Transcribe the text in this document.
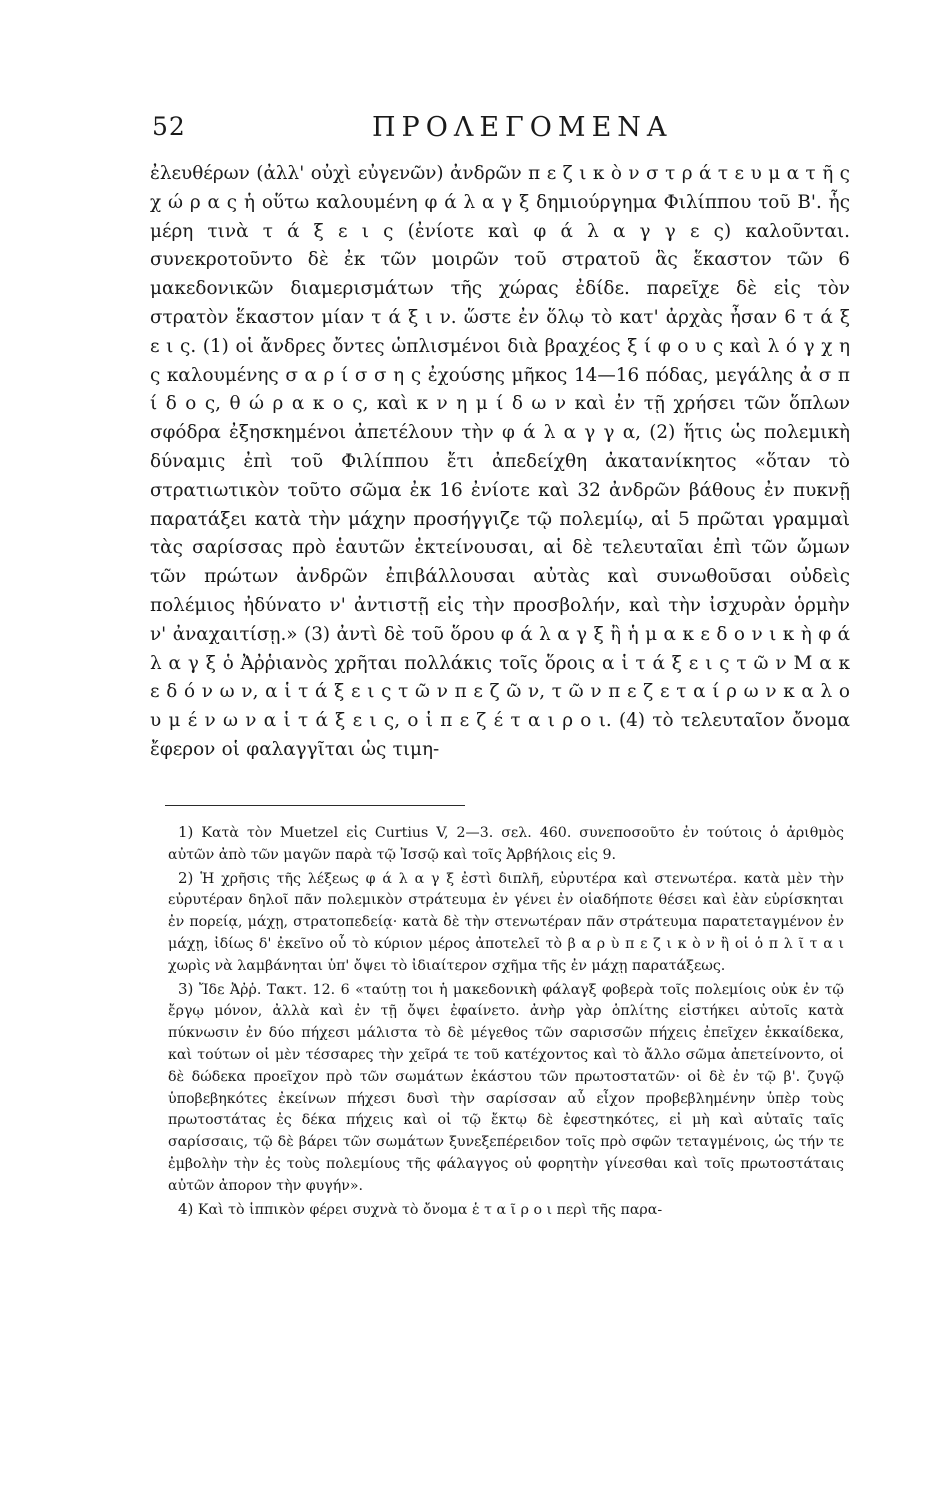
52	ΠΡΟΛΕΓΟΜΕΝΑ

ἐλευθέρων (ἀλλ' οὐχὶ εὐγενῶν) ἀνδρῶν π ε ζ ι κ ὸ ν σ τ ρ ά τ ε υ μ α τ ῆ ς χ ώ ρ α ς ἡ οὕτω καλουμένη φ ά λ α γ ξ δημιούργημα Φιλίππου τοῦ Β'. ἧς μέρη τινὰ τ ά ξ ε ι ς (ἐνίοτε καὶ φ ά λ α γ γ ε ς) καλοῦνται. συνεκροτοῦντο δὲ ἐκ τῶν μοιρῶν τοῦ στρατοῦ ἃς ἕκαστον τῶν 6 μακεδονικῶν διαμερισμάτων τῆς χώρας ἐδίδε. παρεῖχε δὲ εἰς τὸν στρατὸν ἕκαστον μίαν τ ά ξ ι ν. ὥστε ἐν ὅλῳ τὸ κατ' ἀρχὰς ἦσαν 6 τ ά ξ ε ι ς. (1) οἱ ἄνδρες ὄντες ὡπλισμένοι διὰ βραχέος ξ ί φ ο υ ς καὶ λ ό γ χ η ς καλουμένης σ α ρ ί σ σ η ς ἐχούσης μῆκος 14—16 πόδας, μεγάλης ἀ σ π ί δ ο ς, θ ώ ρ α κ ο ς, καὶ κ ν η μ ί δ ω ν καὶ ἐν τῇ χρήσει τῶν ὅπλων σφόδρα ἐξησκημένοι ἀπετέλουν τὴν φ ά λ α γ γ α, (2) ἥτις ὡς πολεμικὴ δύναμις ἐπὶ τοῦ Φιλίππου ἔτι ἀπεδείχθη ἀκατανίκητος «ὅταν τὸ στρατιωτικὸν τοῦτο σῶμα ἐκ 16 ἐνίοτε καὶ 32 ἀνδρῶν βάθους ἐν πυκνῇ παρατάξει κατὰ τὴν μάχην προσήγγιζε τῷ πολεμίῳ, αἱ 5 πρῶται γραμμαὶ τὰς σαρίσσας πρὸ ἑαυτῶν ἐκτείνουσαι, αἱ δὲ τελευταῖαι ἐπὶ τῶν ὤμων τῶν πρώτων ἀνδρῶν ἐπιβάλλουσαι αὐτὰς καὶ συνωθοῦσαι οὐδεὶς πολέμιος ἠδύνατο ν' ἀντιστῇ εἰς τὴν προσβολήν, καὶ τὴν ἰσχυρὰν ὁρμὴν ν' ἀναχαιτίσῃ.» (3) ἀντὶ δὲ τοῦ ὅρου φ ά λ α γ ξ ἢ ἡ μ α κ ε δ ο ν ι κ ὴ φ ά λ α γ ξ ὁ Ἀῤῥιανὸς χρῆται πολλάκις τοῖς ὅροις α ἱ τ ά ξ ε ι ς τ ῶ ν Μ α κ ε δ ό ν ω ν, α ἱ τ ά ξ ε ι ς τ ῶ ν π ε ζ ῶ ν, τ ῶ ν π ε ζ ε τ α ί ρ ω ν κ α λ ο υ μ έ ν ω ν α ἱ τ ά ξ ε ι ς, ο ἱ π ε ζ έ τ α ι ρ ο ι. (4) τὸ τελευταῖον ὄνομα ἔφερον οἱ φαλαγγῖται ὡς τιμη-

1) Κατὰ τὸν Muetzel εἰς Curtius V, 2—3. σελ. 460. συνεποσοῦτο ἐν τούτοις ὁ ἀριθμὸς αὐτῶν ἀπὸ τῶν μαγῶν παρὰ τῷ Ἰσσῷ καὶ τοῖς Ἀρβήλοις εἰς 9.

2) Ἡ χρῆσις τῆς λέξεως φ ά λ α γ ξ ἐστὶ διπλῆ, εὐρυτέρα καὶ στενωτέρα. κατὰ μὲν τὴν εὐρυτέραν δηλοῖ πᾶν πολεμικὸν στράτευμα ἐν γένει ἐν οἱαδήποτε θέσει καὶ ἐὰν εὑρίσκηται ἐν πορείᾳ, μάχῃ, στρατοπεδείᾳ· κατὰ δὲ τὴν στενωτέραν πᾶν στράτευμα παρατεταγμένον ἐν μάχῃ, ἰδίως δ' ἐκεῖνο οὗ τὸ κύριον μέρος ἀποτελεῖ τὸ β α ρ ὺ π ε ζ ι κ ὸ ν ἢ οἱ ὁ π λ ῖ τ α ι χωρὶς νὰ λαμβάνηται ὑπ' ὄψει τὸ ἰδιαίτερον σχῆμα τῆς ἐν μάχῃ παρατάξεως.

3) Ἴδε Ἀῤῥ. Τακτ. 12. 6 «ταύτῃ τοι ἡ μακεδονικὴ φάλαγξ φοβερὰ τοῖς πολεμίοις οὐκ ἐν τῷ ἔργῳ μόνον, ἀλλὰ καὶ ἐν τῇ ὄψει ἐφαίνετο. ἀνὴρ γὰρ ὁπλίτης εἱστήκει αὐτοῖς κατὰ πύκνωσιν ἐν δύο πήχεσι μάλιστα τὸ δὲ μέγεθος τῶν σαρισσῶν πήχεις ἐπεῖχεν ἑκκαίδεκα, καὶ τούτων οἱ μὲν τέσσαρες τὴν χεῖρά τε τοῦ κατέχοντος καὶ τὸ ἄλλο σῶμα ἀπετείνοντο, οἱ δὲ δώδεκα προεῖχον πρὸ τῶν σωμάτων ἑκάστου τῶν πρωτοστατῶν· οἱ δὲ ἐν τῷ β'. ζυγῷ ὑποβεβηκότες ἐκείνων πήχεσι δυσὶ τὴν σαρίσσαν αὖ εἶχον προβεβλημένην ὑπὲρ τοὺς πρωτοστάτας ἐς δέκα πήχεις καὶ οἱ τῷ ἔκτῳ δὲ ἐφεστηκότες, εἰ μὴ καὶ αὐταῖς ταῖς σαρίσσαις, τῷ δὲ βάρει τῶν σωμάτων ξυνεξεπέρειδον τοῖς πρὸ σφῶν τεταγμένοις, ὡς τήν τε ἐμβολὴν τὴν ἐς τοὺς πολεμίους τῆς φάλαγγος οὐ φορητὴν γίνεσθαι καὶ τοῖς πρωτοστάταις αὐτῶν ἀπορον τὴν φυγήν».

4) Καὶ τὸ ἱππικὸν φέρει συχνὰ τὸ ὄνομα ἑ τ α ῖ ρ ο ι περὶ τῆς παρα-
